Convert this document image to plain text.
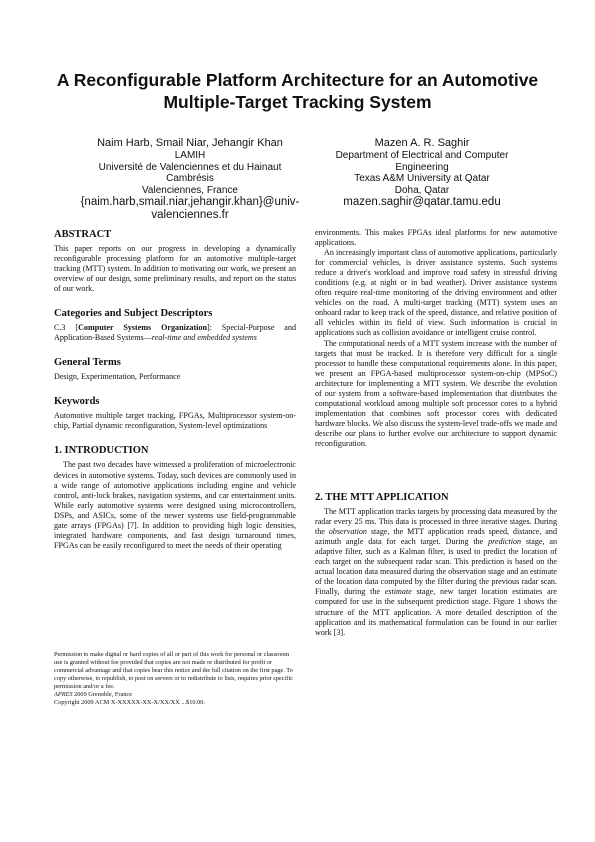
A Reconfigurable Platform Architecture for an Automotive Multiple-Target Tracking System
Naim Harb, Smail Niar, Jehangir Khan
LAMIH
Université de Valenciennes et du Hainaut
Cambrésis
Valenciennes, France
{naim.harb,smail.niar,jehangir.khan}@univ-valenciennes.fr
Mazen A. R. Saghir
Department of Electrical and Computer
Engineering
Texas A&M University at Qatar
Doha, Qatar
mazen.saghir@qatar.tamu.edu
ABSTRACT

This paper reports on our progress in developing a dynamically reconfigurable processing platform for an automotive multiple-target tracking (MTT) system. In addition to motivating our work, we present an overview of our design, some preliminary results, and report on the status of our work.

Categories and Subject Descriptors

C.3 [Computer Systems Organization]: Special-Purpose and Application-Based Systems—real-time and embedded systems

General Terms

Design, Experimentation, Performance

Keywords

Automotive multiple target tracking, FPGAs, Multiprocessor system-on-chip, Partial dynamic reconfiguration, System-level optimizations

1. INTRODUCTION

The past two decades have witnessed a proliferation of microelectronic devices in automotive systems. Today, such devices are commonly used in a wide range of automotive applications including engine and vehicle control, anti-lock brakes, navigation systems, and car entertainment units. While early automotive systems were designed using microcontrollers, DSPs, and ASICs, some of the newer systems use field-programmable gate arrays (FPGAs) [7]. In addition to providing high logic densities, integrated hardware components, and fast design turnaround times, FPGAs can be easily reconfigured to meet the needs of their operating

environments. This makes FPGAs ideal platforms for new automotive applications.

An increasingly important class of automotive applications, particularly for commercial vehicles, is driver assistance systems. Such systems reduce a driver's workload and improve road safety in stressful driving conditions (e.g. at night or in bad weather). Driver assistance systems often require real-time monitoring of the driving environment and other vehicles on the road. A multi-target tracking (MTT) system uses an onboard radar to keep track of the speed, distance, and relative position of all vehicles within its field of view. Such information is crucial in applications such as collision avoidance or intelligent cruise control.

The computational needs of a MTT system increase with the number of targets that must be tracked. It is therefore very difficult for a single processor to handle these computational requirements alone. In this paper, we present an FPGA-based multiprocessor system-on-chip (MPSoC) architecture for implementing a MTT system. We describe the evolution of our system from a software-based implementation that distributes the computational workload among multiple soft processor cores to a hybrid implementation that combines soft processor cores with dedicated hardware blocks. We also discuss the system-level trade-offs we made and describe our plans to further evolve our architecture to support dynamic reconfiguration.

2. THE MTT APPLICATION

The MTT application tracks targets by processing data measured by the radar every 25 ms. This data is processed in three iterative stages. During the observation stage, the MTT application reads speed, distance, and azimuth angle data for each target. During the prediction stage, an adaptive filter, such as a Kalman filter, is used to predict the location of each target on the subsequent radar scan. This prediction is based on the actual location data measured during the observation stage and an estimate of the location data computed by the filter during the previous radar scan. Finally, during the estimate stage, new target location estimates are computed for use in the subsequent prediction stage. Figure 1 shows the structure of the MTT application. A more detailed description of the application and its mathematical formulation can be found in our earlier work [3].

Permission to make digital or hard copies of all or part of this work for personal or classroom use is granted without fee provided that copies are not made or distributed for profit or commercial advantage and that copies bear this notice and the full citation on the first page. To copy otherwise, to republish, to post on servers or to redistribute to lists, requires prior specific permission and/or a fee.

APRES 2009 Grenoble, France

Copyright 2009 ACM X-XXXXX-XX-X/XX/XX ...$10.00.
